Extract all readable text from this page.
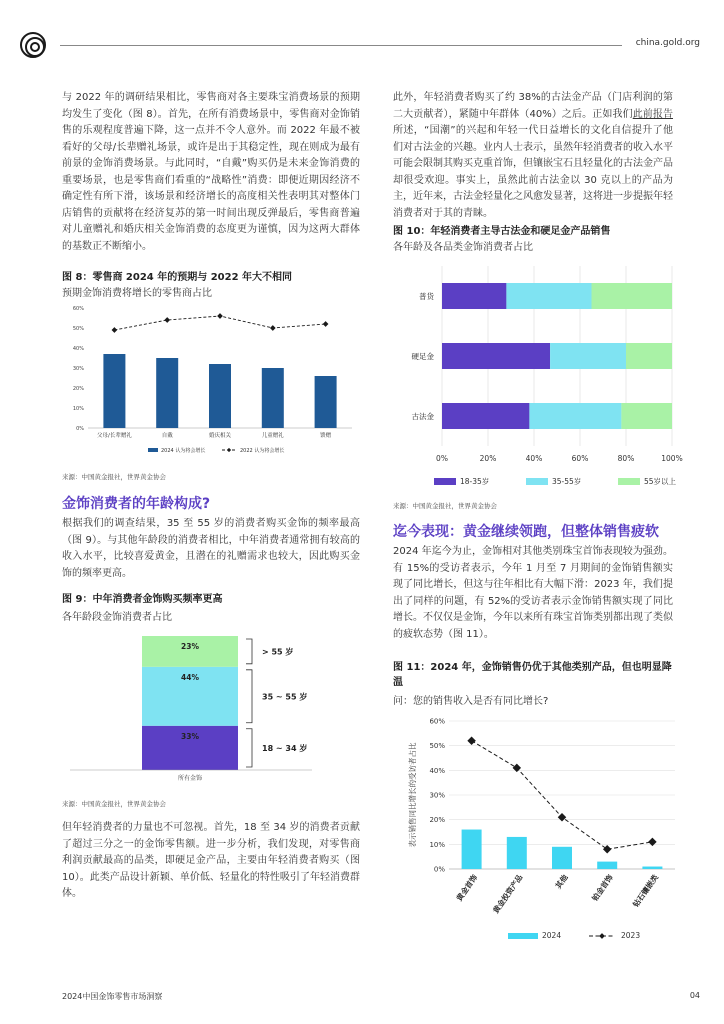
china.gold.org
与 2022 年的调研结果相比，零售商对各主要珠宝消费场景的预期均发生了变化（图 8）。首先，在所有消费场景中，零售商对金饰销售的乐观程度普遍下降，这一点并不令人意外。而 2022 年最不被看好的父母/长辈赠礼场景，或许是出于其稳定性，现在则成为最有前景的金饰消费场景。与此同时，“自戴”购买仍是未来金饰消费的重要场景，也是零售商们看重的“战略性”消费：即便近期因经济不确定性有所下滑，该场景和经济增长的高度相关性表明其对整体门店销售的贡献将在经济复苏的第一时间出现反弹最后，零售商普遍对儿童赠礼和婚庆相关金饰消费的态度更为谨慎，因为这两大群体的基数正不断缩小。
图 8：零售商 2024 年的预期与 2022 年大不相同
预期金饰消费将增长的零售商占比
0%
10%
20%
30%
40%
50%
60%
父母/长辈赠礼	自戴	婚庆相关	儿童赠礼	馈赠
2024 认为将会增长	2022 认为将会增长
来源：中国黄金报社，世界黄金协会
金饰消费者的年龄构成?
根据我们的调查结果，35 至 55 岁的消费者购买金饰的频率最高（图 9）。与其他年龄段的消费者相比，中年消费者通常拥有较高的收入水平，比较喜爱黄金，且潜在的礼赠需求也较大，因此购买金饰的频率更高。
图 9：中年消费者金饰购买频率更高
各年龄段金饰消费者占比
33%
18 ~ 34 岁
44%
35 ~ 55 岁
23%
> 55 岁
所有金饰
来源：中国黄金报社，世界黄金协会
但年轻消费者的力量也不可忽视。首先，18 至 34 岁的消费者贡献了超过三分之一的金饰零售额。进一步分析，我们发现，对零售商利润贡献最高的品类，即硬足金产品，主要由年轻消费者购买（图 10）。此类产品设计新颖、单价低、轻量化的特性吸引了年轻消费群体。
此外，年轻消费者购买了约 38%的古法金产品（门店利润的第二大贡献者），紧随中年群体（40%）之后。正如我们此前报告所述，“国潮”的兴起和年轻一代日益增长的文化自信提升了他们对古法金的兴趣。业内人士表示，虽然年轻消费者的收入水平可能会限制其购买克重首饰，但镶嵌宝石且轻量化的古法金产品却很受欢迎。事实上，虽然此前古法金以 30 克以上的产品为主，近年来，古法金轻量化之风愈发显著，这将进一步提振年轻消费者对于其的青睐。
图 10：年轻消费者主导古法金和硬足金产品销售
各年龄及各品类金饰消费者占比
0%	20%	40%	60%	80%	100%
普货
硬足金
古法金
18-35岁	35-55岁	55岁以上
来源：中国黄金报社，世界黄金协会
迄今表现：黄金继续领跑，但整体销售疲软
2024 年迄今为止，金饰相对其他类别珠宝首饰表现较为强劲。有 15%的受访者表示，今年 1 月至 7 月期间的金饰销售额实现了同比增长，但这与往年相比有大幅下滑：2023 年，我们提出了同样的问题，有 52%的受访者表示金饰销售额实现了同比增长。不仅仅是金饰，今年以来所有珠宝首饰类别都出现了类似的疲软态势（图 11）。
图 11：2024 年，金饰销售仍优于其他类别产品，但也明显降温
问：您的销售收入是否有同比增长?
0%
10%
20%
30%
40%
50%
60%
表示销售同比增长的受访者占比
黄金首饰 黄金投资产品	其他	铂金首饰 钻石镶嵌类
2024	2023
2024中国金饰零售市场洞察	04
